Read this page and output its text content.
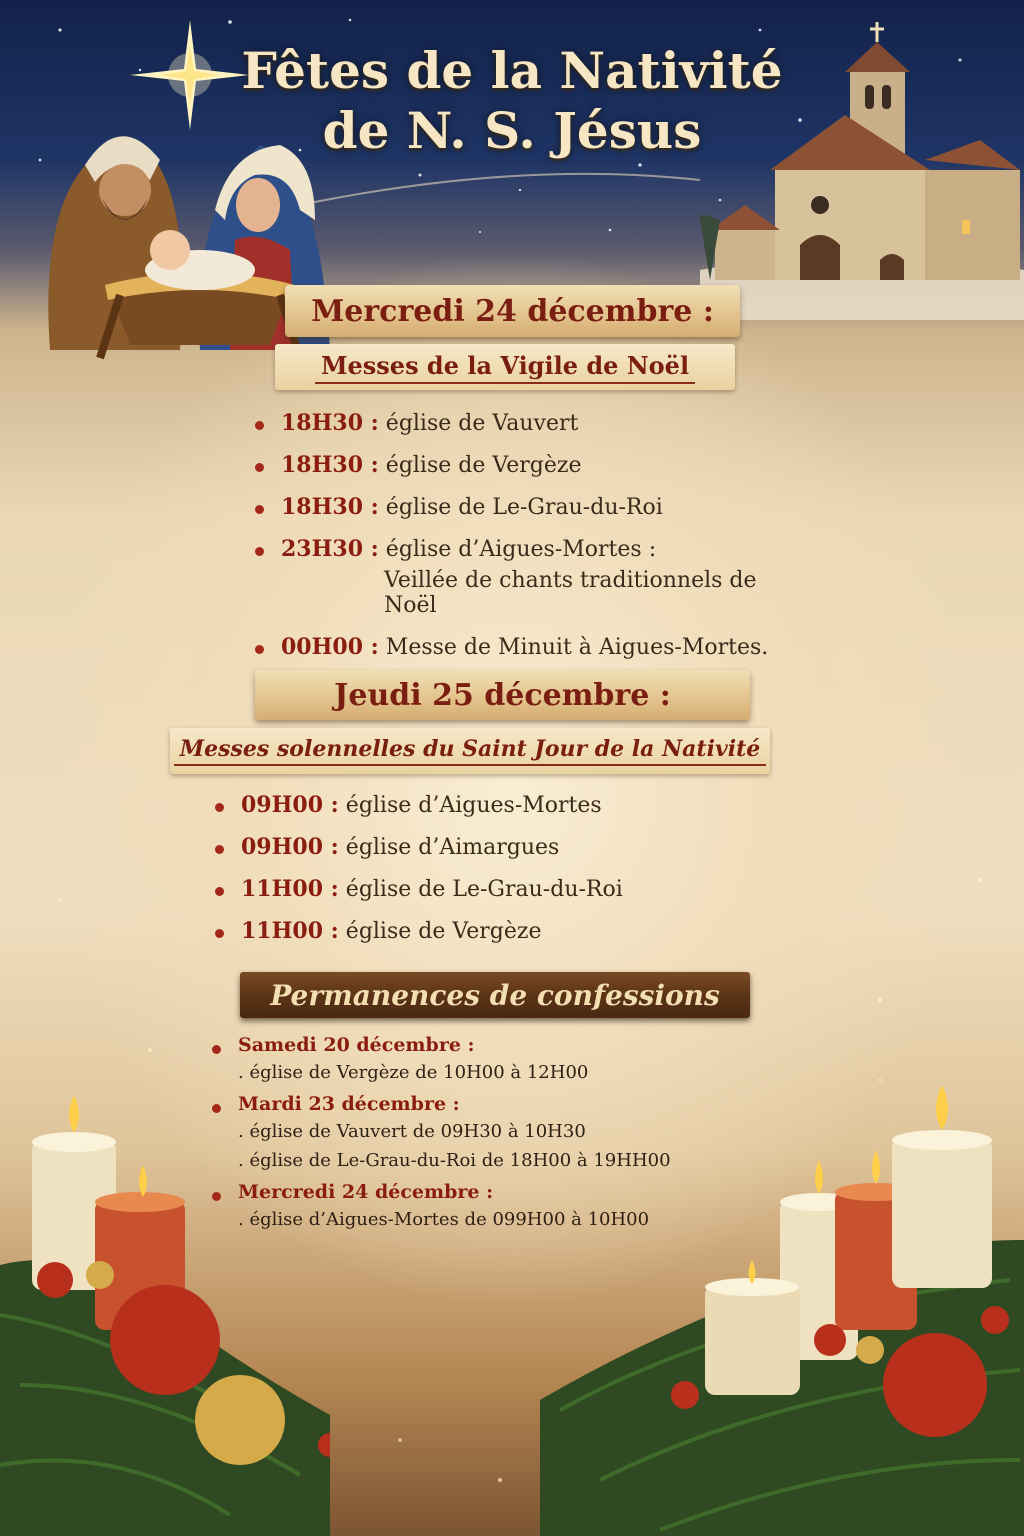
Fêtes de la Nativité
de N. S. Jésus
Mercredi 24 décembre :
Messes de la Vigile de Noël
18H30 : église de Vauvert
18H30 : église de Vergèze
18H30 : église de Le-Grau-du-Roi
23H30 : église d’Aigues-Mortes :
Veillée de chants traditionnels de Noël
00H00 : Messe de Minuit à Aigues-Mortes.
Jeudi 25 décembre :
Messes solennelles du Saint Jour de la Nativité
09H00 : église d’Aigues-Mortes
09H00 : église d’Aimargues
11H00 : église de Le-Grau-du-Roi
11H00 : église de Vergèze
Permanences de confessions
Samedi 20 décembre :
. église de Vergèze de 10H00 à 12H00
Mardi 23 décembre :
. église de Vauvert de 09H30 à 10H30
. église de Le-Grau-du-Roi de 18H00 à 19HH00
Mercredi 24 décembre :
. église d’Aigues-Mortes de 099H00 à 10H00
